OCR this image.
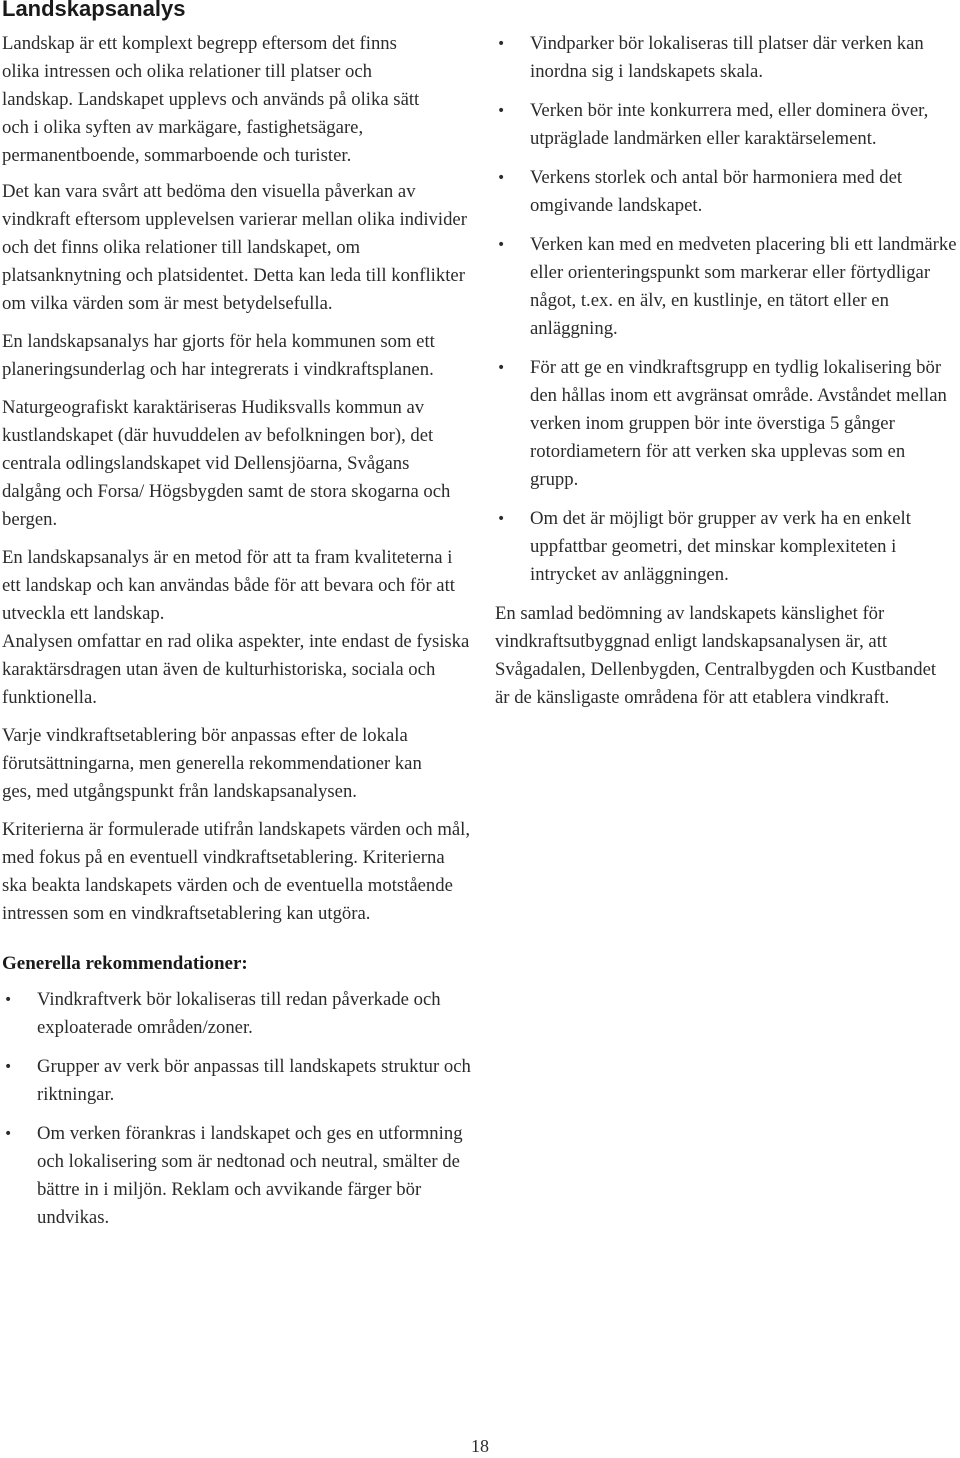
Landskapsanalys

Landskap är ett komplext begrepp eftersom det finns olika intressen och olika relationer till platser och landskap. Landskapet upplevs och används på olika sätt och i olika syften av markägare, fastighetsägare, permanentboende, sommarboende och turister.

Det kan vara svårt att bedöma den visuella påverkan av vindkraft eftersom upplevelsen varierar mellan olika individer och det finns olika relationer till landskapet, om platsanknytning och platsidentet. Detta kan leda till konflikter om vilka värden som är mest betydelsefulla.

En landskapsanalys har gjorts för hela kommunen som ett planeringsunderlag och har integrerats i vindkraftsplanen.

Naturgeografiskt karaktäriseras Hudiksvalls kommun av kustlandskapet (där huvuddelen av befolkningen bor), det centrala odlingslandskapet vid Dellensjöarna, Svågans dalgång och Forsa/ Högsbygden samt de stora skogarna och bergen.

En landskapsanalys är en metod för att ta fram kvaliteterna i ett landskap och kan användas både för att bevara och för att utveckla ett landskap.

Analysen omfattar en rad olika aspekter, inte endast de fysiska karaktärsdragen utan även de kulturhistoriska, sociala och funktionella.

Varje vindkraftsetablering bör anpassas efter de lokala förutsättningarna, men generella rekommendationer kan ges, med utgångspunkt från landskapsanalysen.

Kriterierna är formulerade utifrån landskapets värden och mål, med fokus på en eventuell vindkraftsetablering. Kriterierna ska beakta landskapets värden och de eventuella motstående intressen som en vindkraftsetablering kan utgöra.

Generella rekommendationer:
• Vindkraftverk bör lokaliseras till redan påverkade och exploaterade områden/zoner.
• Grupper av verk bör anpassas till landskapets struktur och riktningar.
• Om verken förankras i landskapet och ges en utformning och lokalisering som är nedtonad och neutral, smälter de bättre in i miljön. Reklam och avvikande färger bör undvikas.
• Vindparker bör lokaliseras till platser där verken kan inordna sig i landskapets skala.
• Verken bör inte konkurrera med, eller dominera över, utpräglade landmärken eller karaktärselement.
• Verkens storlek och antal bör harmoniera med det omgivande landskapet.
• Verken kan med en medveten placering bli ett landmärke eller orienteringspunkt som markerar eller förtydligar något, t.ex. en älv, en kustlinje, en tätort eller en anläggning.
• För att ge en vindkraftsgrupp en tydlig lokalisering bör den hållas inom ett avgränsat område. Avståndet mellan verken inom gruppen bör inte överstiga 5 gånger rotordiametern för att verken ska upplevas som en grupp.
• Om det är möjligt bör grupper av verk ha en enkelt uppfattbar geometri, det minskar komplexiteten i intrycket av anläggningen.

En samlad bedömning av landskapets känslighet för vindkraftsutbyggnad enligt landskapsanalysen är, att Svågadalen, Dellenbygden, Centralbygden och Kustbandet är de känsligaste områdena för att etablera vindkraft.

18
